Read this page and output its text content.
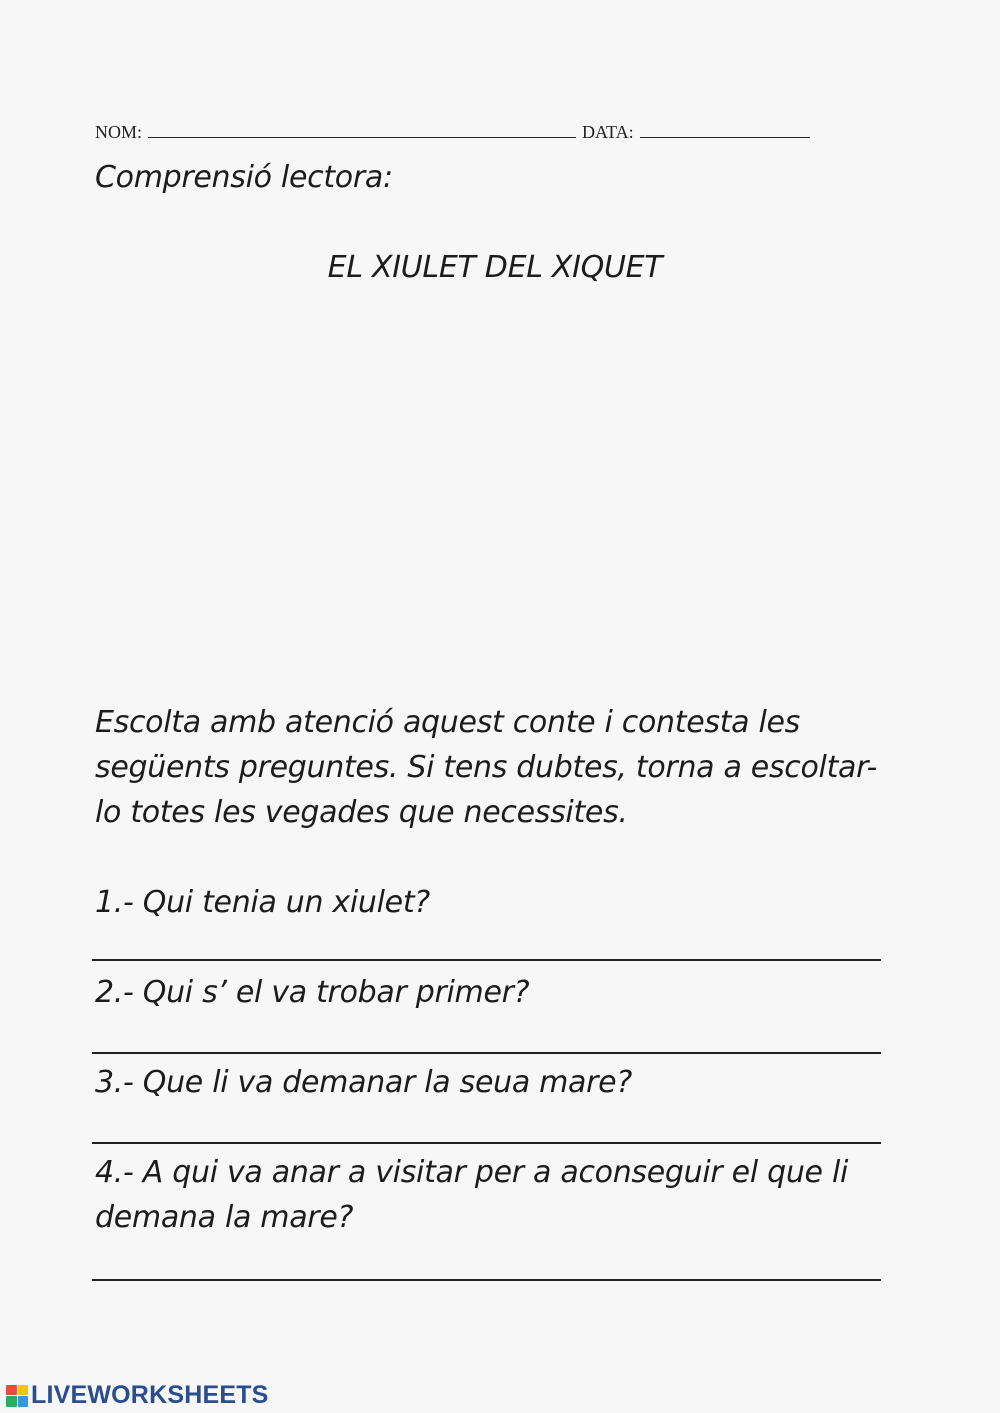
NOM:	DATA:
Comprensió lectora:
EL XIULET DEL XIQUET
Escolta amb atenció aquest conte i contesta les següents preguntes. Si tens dubtes, torna a escoltar-lo totes les vegades que necessites.
1.- Qui tenia un xiulet?
2.- Qui s’ el va trobar primer?
3.- Que li va demanar la seua mare?
4.- A qui va anar a visitar per a aconseguir el que li demana la mare?
LIVEWORKSHEETS
